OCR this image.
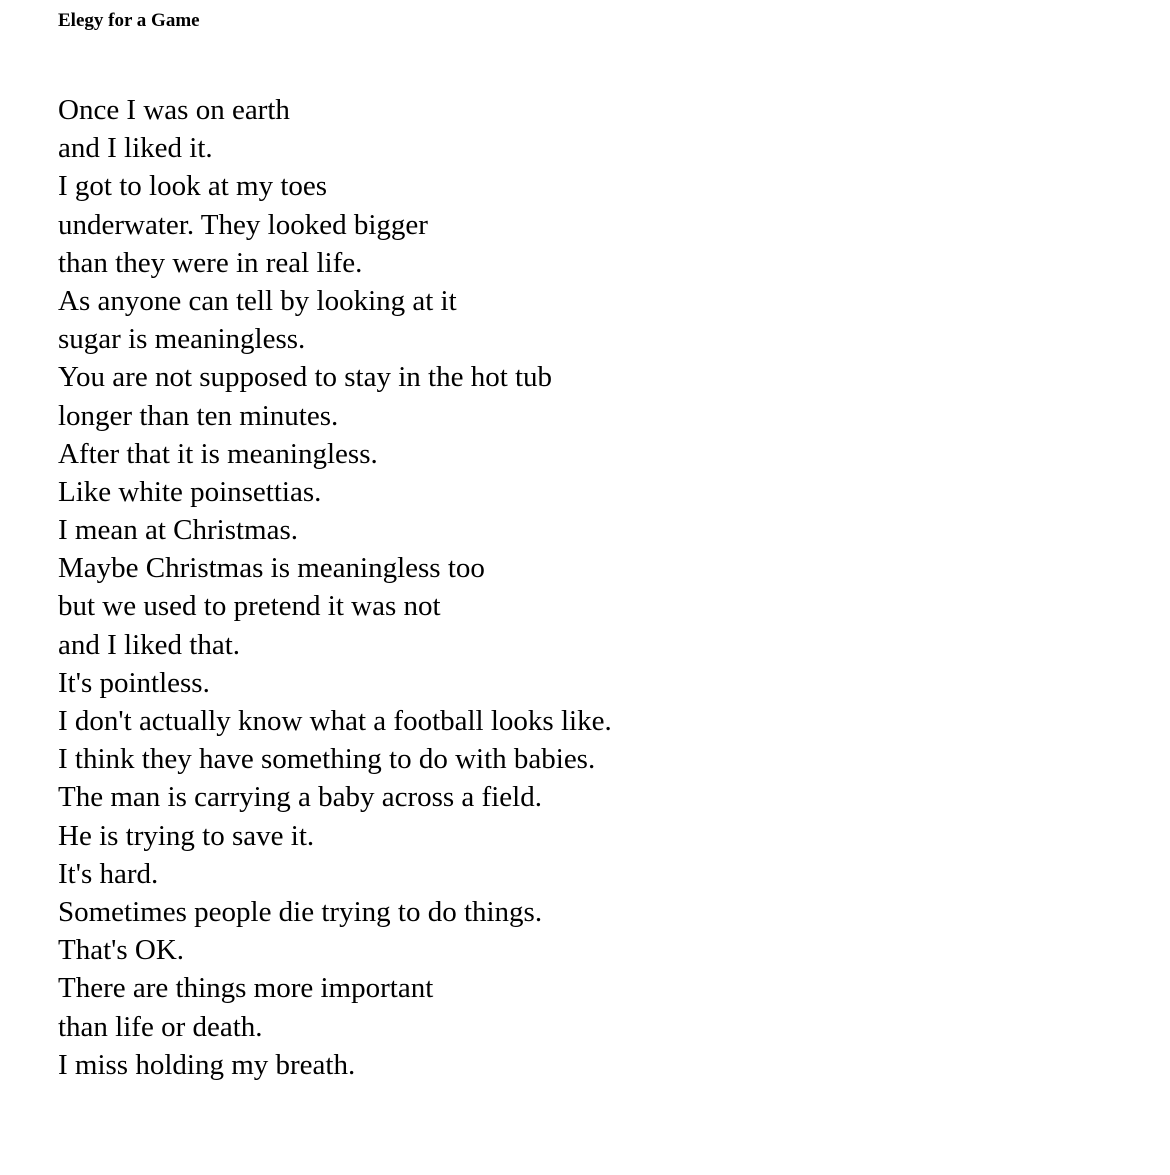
Elegy for a Game
Once I was on earth
and I liked it.
I got to look at my toes
underwater. They looked bigger
than they were in real life.
As anyone can tell by looking at it
sugar is meaningless.
You are not supposed to stay in the hot tub
longer than ten minutes.
After that it is meaningless.
Like white poinsettias.
I mean at Christmas.
Maybe Christmas is meaningless too
but we used to pretend it was not
and I liked that.
It's pointless.
I don't actually know what a football looks like.
I think they have something to do with babies.
The man is carrying a baby across a field.
He is trying to save it.
It's hard.
Sometimes people die trying to do things.
That's OK.
There are things more important
than life or death.
I miss holding my breath.
